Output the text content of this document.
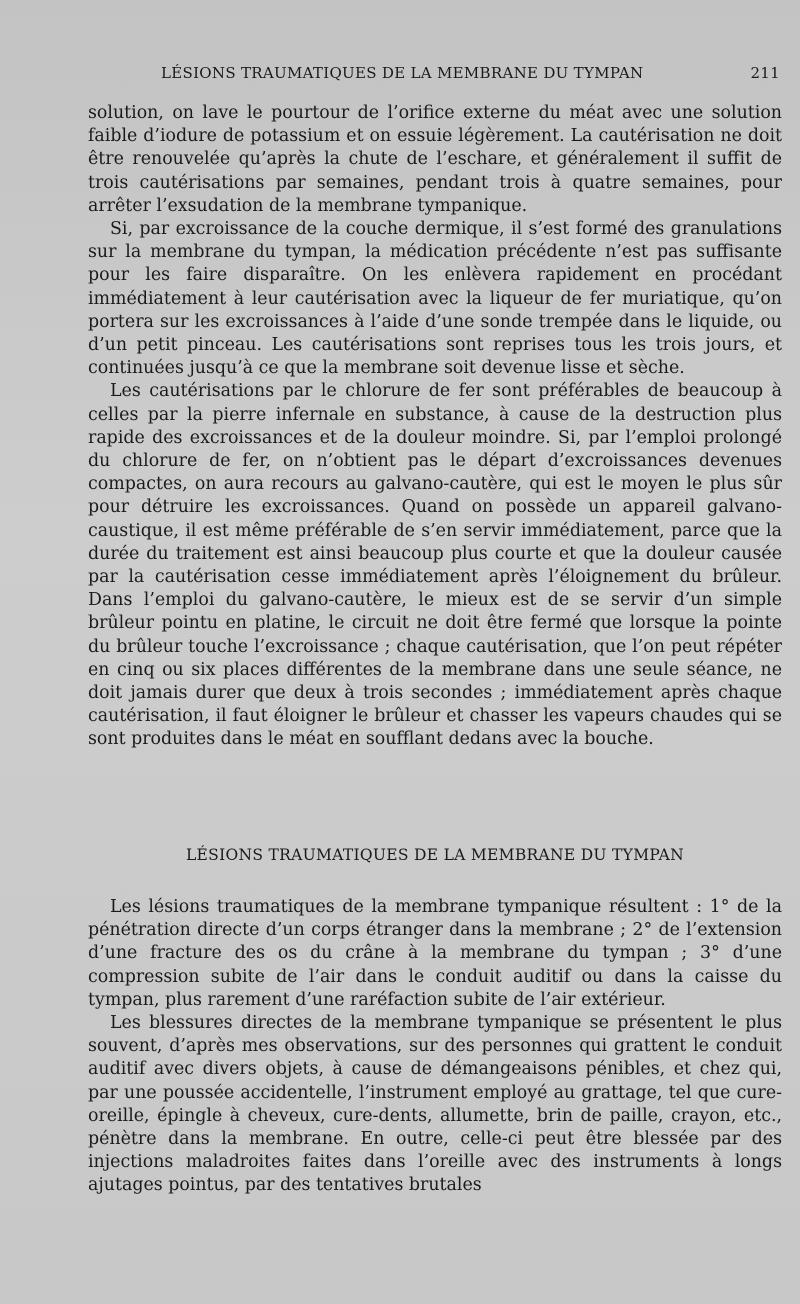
LÉSIONS TRAUMATIQUES DE LA MEMBRANE DU TYMPAN	211

solution, on lave le pourtour de l’orifice externe du méat avec une solution faible d’iodure de potassium et on essuie légèrement. La cautérisation ne doit être renouvelée qu’après la chute de l’eschare, et généralement il suffit de trois cautérisations par semaines, pendant trois à quatre semaines, pour arrêter l’exsudation de la membrane tympanique.

Si, par excroissance de la couche dermique, il s’est formé des granulations sur la membrane du tympan, la médication précédente n’est pas suffisante pour les faire disparaître. On les enlèvera rapidement en procédant immédiatement à leur cautérisation avec la liqueur de fer muriatique, qu’on portera sur les excroissances à l’aide d’une sonde trempée dans le liquide, ou d’un petit pinceau. Les cautérisations sont reprises tous les trois jours, et continuées jusqu’à ce que la membrane soit devenue lisse et sèche.

Les cautérisations par le chlorure de fer sont préférables de beaucoup à celles par la pierre infernale en substance, à cause de la destruction plus rapide des excroissances et de la douleur moindre. Si, par l’emploi prolongé du chlorure de fer, on n’obtient pas le départ d’excroissances devenues compactes, on aura recours au galvano-cautère, qui est le moyen le plus sûr pour détruire les excroissances. Quand on possède un appareil galvano-caustique, il est même préférable de s’en servir immédiatement, parce que la durée du traitement est ainsi beaucoup plus courte et que la douleur causée par la cautérisation cesse immédiatement après l’éloignement du brûleur. Dans l’emploi du galvano-cautère, le mieux est de se servir d’un simple brûleur pointu en platine, le circuit ne doit être fermé que lorsque la pointe du brûleur touche l’excroissance ; chaque cautérisation, que l’on peut répéter en cinq ou six places différentes de la membrane dans une seule séance, ne doit jamais durer que deux à trois secondes ; immédiatement après chaque cautérisation, il faut éloigner le brûleur et chasser les vapeurs chaudes qui se sont produites dans le méat en soufflant dedans avec la bouche.

LÉSIONS TRAUMATIQUES DE LA MEMBRANE DU TYMPAN

Les lésions traumatiques de la membrane tympanique résultent : 1° de la pénétration directe d’un corps étranger dans la membrane ; 2° de l’extension d’une fracture des os du crâne à la membrane du tympan ; 3° d’une compression subite de l’air dans le conduit auditif ou dans la caisse du tympan, plus rarement d’une raréfaction subite de l’air extérieur.

Les blessures directes de la membrane tympanique se présentent le plus souvent, d’après mes observations, sur des personnes qui grattent le conduit auditif avec divers objets, à cause de démangeaisons pénibles, et chez qui, par une poussée accidentelle, l’instrument employé au grattage, tel que cure-oreille, épingle à cheveux, cure-dents, allumette, brin de paille, crayon, etc., pénètre dans la membrane. En outre, celle-ci peut être blessée par des injections maladroites faites dans l’oreille avec des instruments à longs ajutages pointus, par des tentatives brutales
